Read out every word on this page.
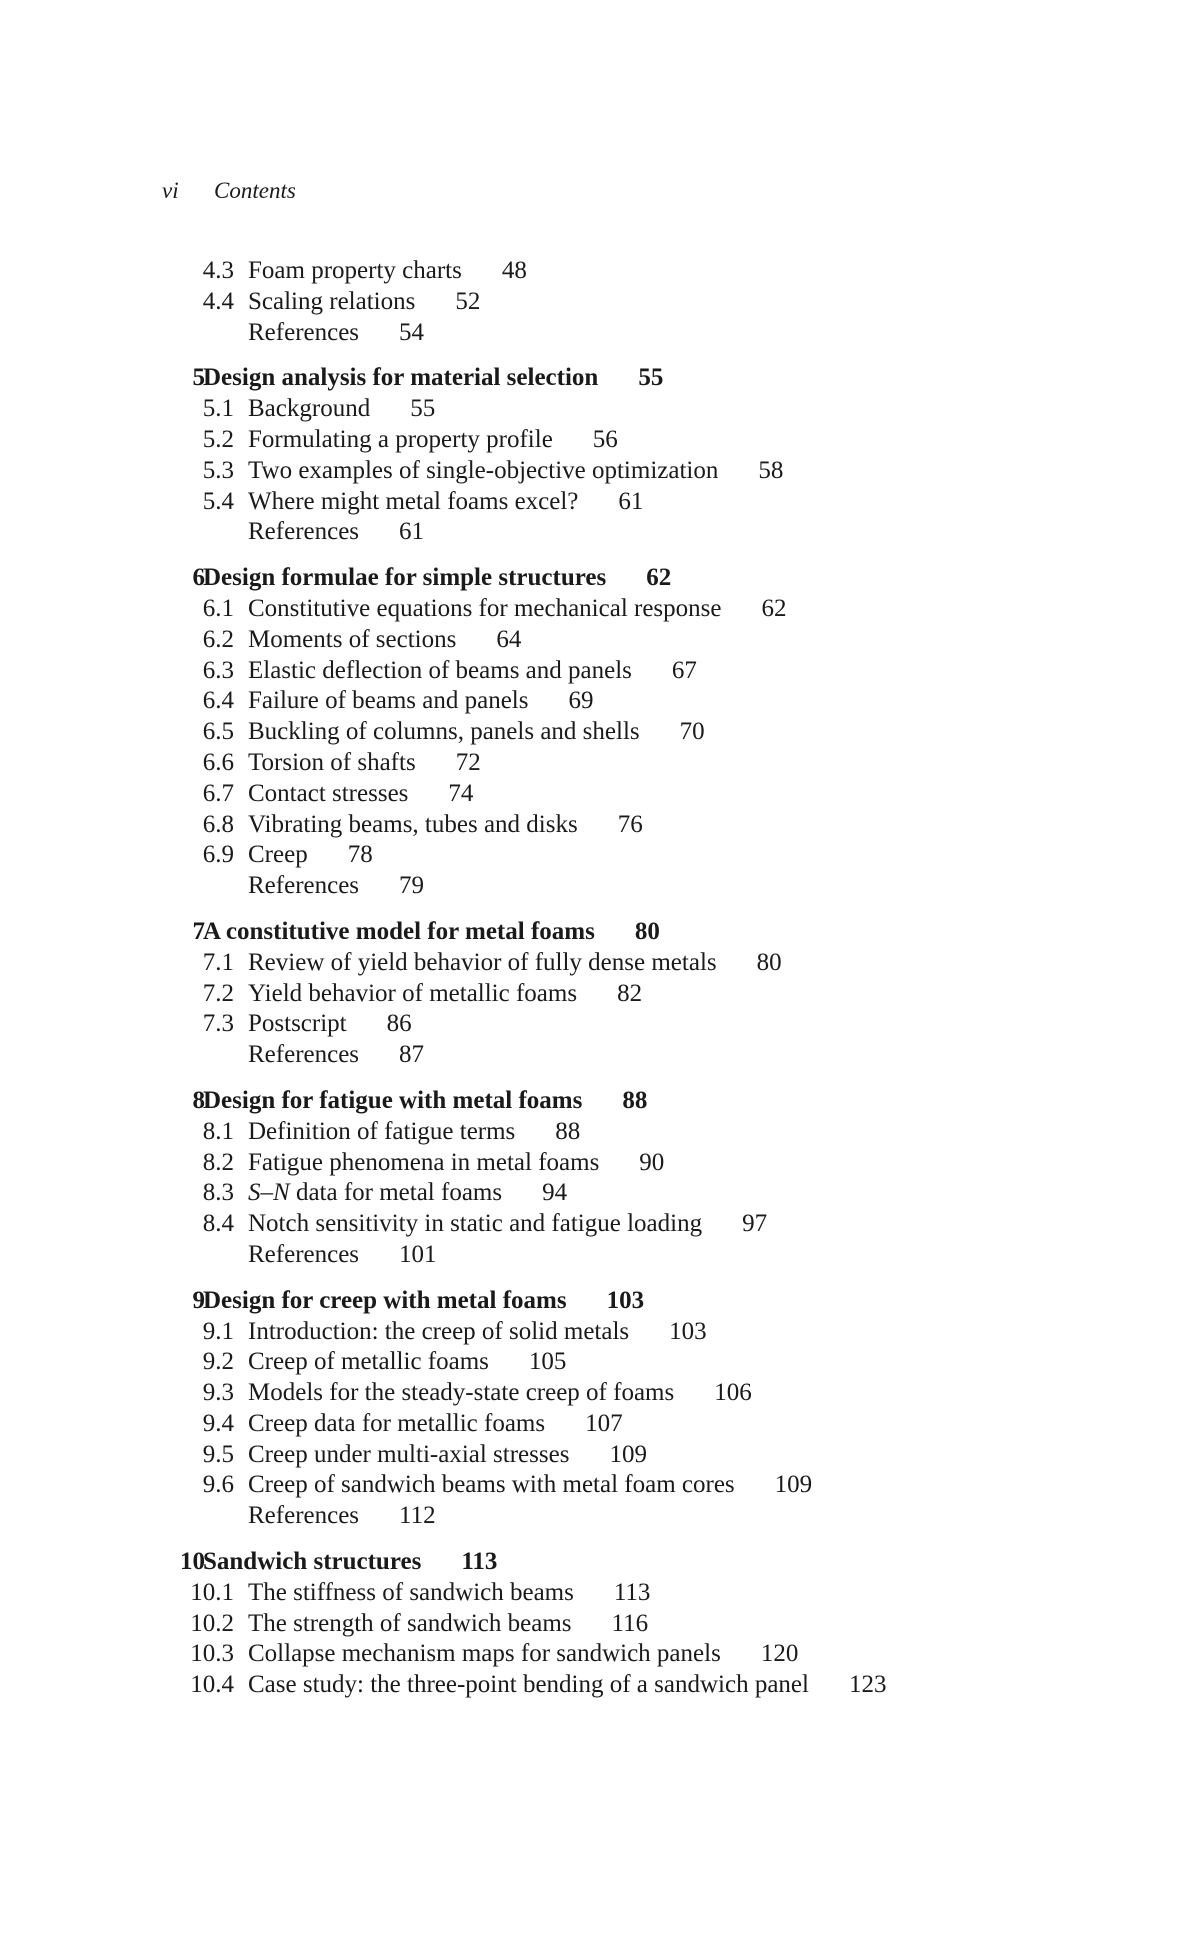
vi Contents
4.3 Foam property charts 48
4.4 Scaling relations 52
References 54
5
Design analysis for material selection 55
5.1 Background 55
5.2 Formulating a property profile 56
5.3 Two examples of single-objective optimization 58
5.4 Where might metal foams excel? 61
References 61
6
Design formulae for simple structures 62
6.1 Constitutive equations for mechanical response 62
6.2 Moments of sections 64
6.3 Elastic deflection of beams and panels 67
6.4 Failure of beams and panels 69
6.5 Buckling of columns, panels and shells 70
6.6 Torsion of shafts 72
6.7 Contact stresses 74
6.8 Vibrating beams, tubes and disks 76
6.9 Creep 78
References 79
7
A constitutive model for metal foams 80
7.1 Review of yield behavior of fully dense metals 80
7.2 Yield behavior of metallic foams 82
7.3 Postscript 86
References 87
8
Design for fatigue with metal foams 88
8.1 Definition of fatigue terms 88
8.2 Fatigue phenomena in metal foams 90
8.3 S–N data for metal foams 94
8.4 Notch sensitivity in static and fatigue loading 97
References 101
9
Design for creep with metal foams 103
9.1 Introduction: the creep of solid metals 103
9.2 Creep of metallic foams 105
9.3 Models for the steady-state creep of foams 106
9.4 Creep data for metallic foams 107
9.5 Creep under multi-axial stresses 109
9.6 Creep of sandwich beams with metal foam cores 109
References 112
10
Sandwich structures 113
10.1 The stiffness of sandwich beams 113
10.2 The strength of sandwich beams 116
10.3 Collapse mechanism maps for sandwich panels 120
10.4 Case study: the three-point bending of a sandwich panel 123
